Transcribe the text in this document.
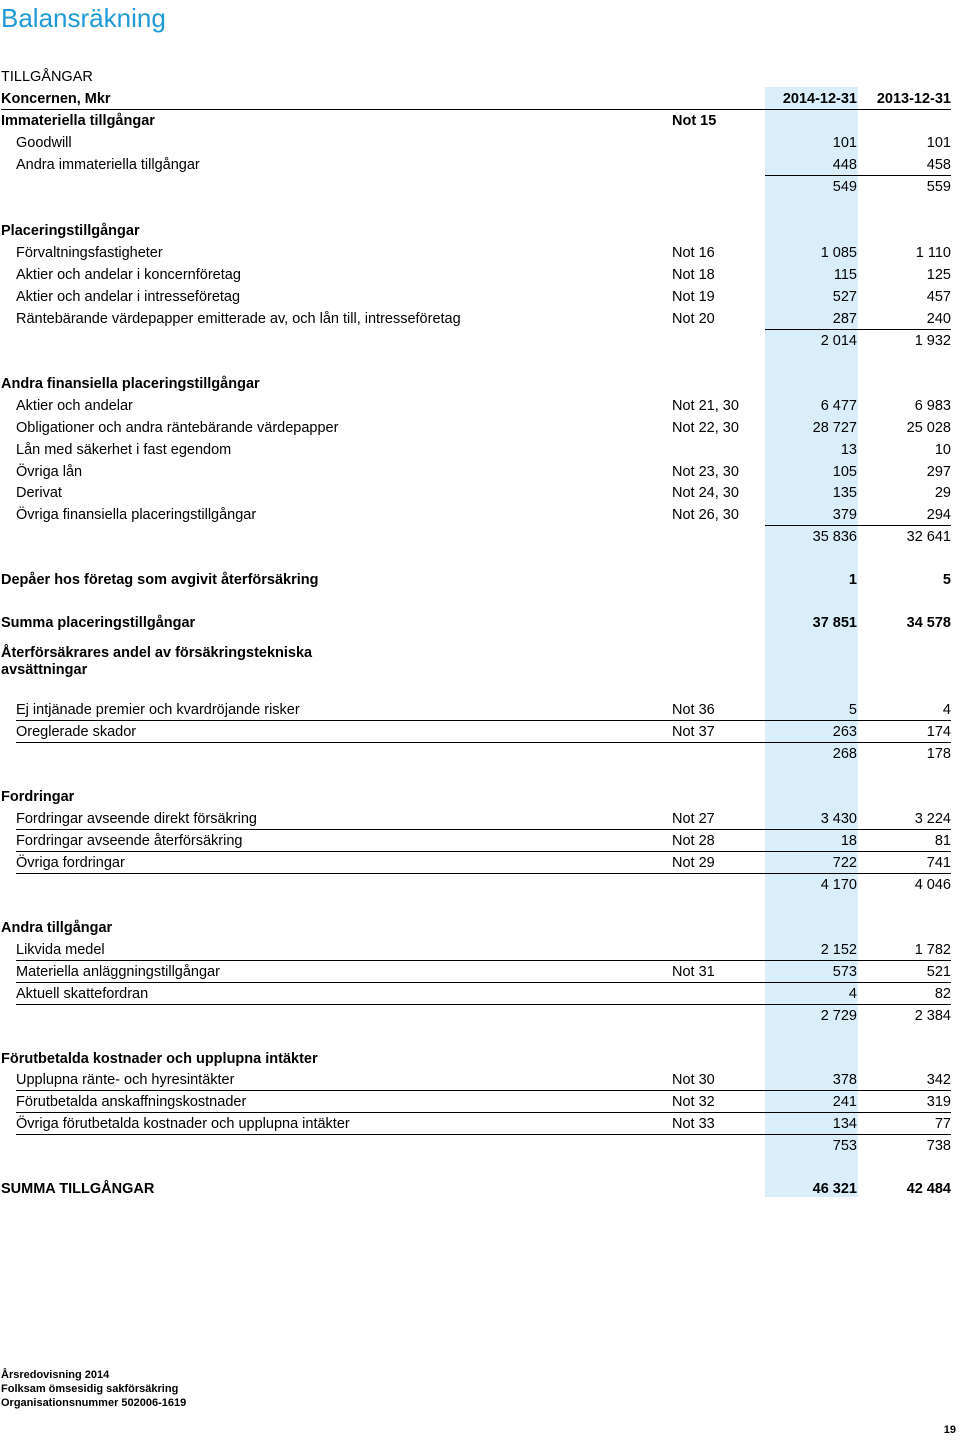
Balansräkning
TILLGÅNGAR
Koncernen, Mkr	2014-12-31 2013-12-31
Immateriella tillgångar	Not 15
Goodwill	101	101
Andra immateriella tillgångar	448	458
549	559
Placeringstillgångar
Förvaltningsfastigheter	Not 16	1 085	1 110
Aktier och andelar i koncernföretag	Not 18	115	125
Aktier och andelar i intresseföretag	Not 19	527	457
Räntebärande värdepapper emitterade av, och lån till, intresseföretag	Not 20	287	240
2 014	1 932
Andra finansiella placeringstillgångar
Aktier och andelar	Not 21, 30	6 477	6 983
Obligationer och andra räntebärande värdepapper	Not 22, 30	28 727	25 028
Lån med säkerhet i fast egendom	13	10
Övriga lån	Not 23, 30	105	297
Derivat	Not 24, 30	135	29
Övriga finansiella placeringstillgångar	Not 26, 30	379	294
35 836	32 641
Depåer hos företag som avgivit återförsäkring	1	5
Summa placeringstillgångar	37 851	34 578
Återförsäkrares andel av försäkringstekniska avsättningar
Ej intjänade premier och kvardröjande risker	Not 36	5	4
Oreglerade skador	Not 37	263	174
268	178
Fordringar
Fordringar avseende direkt försäkring	Not 27	3 430	3 224
Fordringar avseende återförsäkring	Not 28	18	81
Övriga fordringar	Not 29	722	741
4 170	4 046
Andra tillgångar
Likvida medel	2 152	1 782
Materiella anläggningstillgångar	Not 31	573	521
Aktuell skattefordran	4	82
2 729	2 384
Förutbetalda kostnader och upplupna intäkter
Upplupna ränte- och hyresintäkter	Not 30	378	342
Förutbetalda anskaffningskostnader	Not 32	241	319
Övriga förutbetalda kostnader och upplupna intäkter	Not 33	134	77
753	738
SUMMA TILLGÅNGAR	46 321	42 484
Årsredovisning 2014
Folksam ömsesidig sakförsäkring
Organisationsnummer 502006-1619
19
